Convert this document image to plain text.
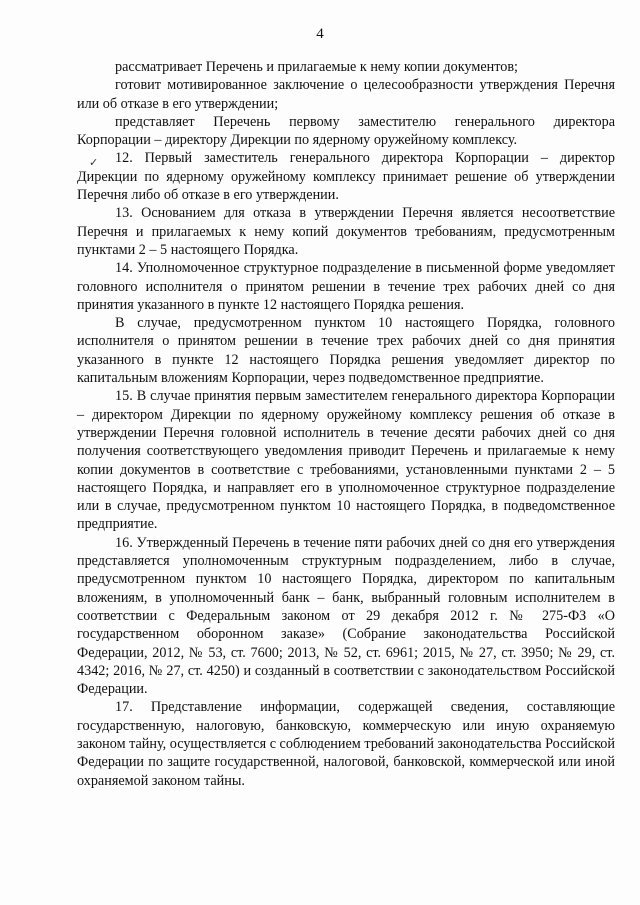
4
✓

рассматривает Перечень и прилагаемые к нему копии документов;

готовит мотивированное заключение о целесообразности утверждения Перечня или об отказе в его утверждении;

представляет Перечень первому заместителю генерального директора Корпорации – директору Дирекции по ядерному оружейному комплексу.

12. Первый заместитель генерального директора Корпорации – директор Дирекции по ядерному оружейному комплексу принимает решение об утверждении Перечня либо об отказе в его утверждении.

13. Основанием для отказа в утверждении Перечня является несоответствие Перечня и прилагаемых к нему копий документов требованиям, предусмотренным пунктами 2 – 5 настоящего Порядка.

14. Уполномоченное структурное подразделение в письменной форме уведомляет головного исполнителя о принятом решении в течение трех рабочих дней со дня принятия указанного в пункте 12 настоящего Порядка решения.

В случае, предусмотренном пунктом 10 настоящего Порядка, головного исполнителя о принятом решении в течение трех рабочих дней со дня принятия указанного в пункте 12 настоящего Порядка решения уведомляет директор по капитальным вложениям Корпорации, через подведомственное предприятие.

15. В случае принятия первым заместителем генерального директора Корпорации – директором Дирекции по ядерному оружейному комплексу решения об отказе в утверждении Перечня головной исполнитель в течение десяти рабочих дней со дня получения соответствующего уведомления приводит Перечень и прилагаемые к нему копии документов в соответствие с требованиями, установленными пунктами 2 – 5 настоящего Порядка, и направляет его в уполномоченное структурное подразделение или в случае, предусмотренном пунктом 10 настоящего Порядка, в подведомственное предприятие.

16. Утвержденный Перечень в течение пяти рабочих дней со дня его утверждения представляется уполномоченным структурным подразделением, либо в случае, предусмотренном пунктом 10 настоящего Порядка, директором по капитальным вложениям, в уполномоченный банк – банк, выбранный головным исполнителем в соответствии с Федеральным законом от 29 декабря 2012 г. № 275-ФЗ «О государственном оборонном заказе» (Собрание законодательства Российской Федерации, 2012, № 53, ст. 7600; 2013, № 52, ст. 6961; 2015, № 27, ст. 3950; № 29, ст. 4342; 2016, № 27, ст. 4250) и созданный в соответствии с законодательством Российской Федерации.

17. Представление информации, содержащей сведения, составляющие государственную, налоговую, банковскую, коммерческую или иную охраняемую законом тайну, осуществляется с соблюдением требований законодательства Российской Федерации по защите государственной, налоговой, банковской, коммерческой или иной охраняемой законом тайны.
